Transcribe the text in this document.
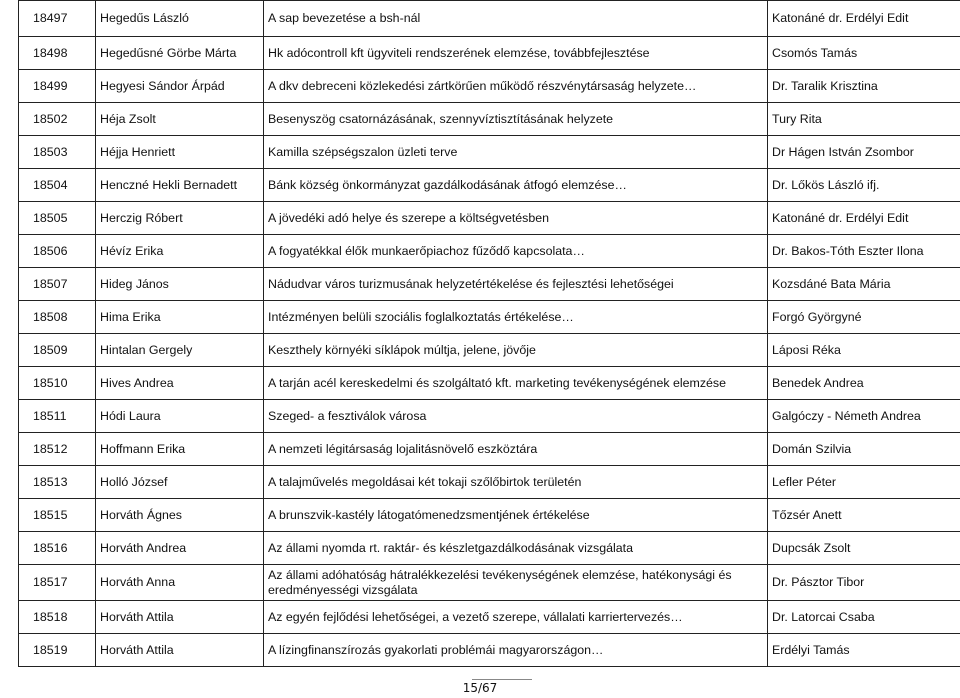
18497	Hegedűs László	A sap bevezetése a bsh-nál	Katonáné dr. Erdélyi Edit
18498	Hegedűsné Görbe Márta	Hk adócontroll kft ügyviteli rendszerének elemzése, továbbfejlesztése	Csomós Tamás
18499	Hegyesi Sándor Árpád	A dkv debreceni közlekedési zártkörűen működő részvénytársaság helyzete…	Dr. Taralik Krisztina
18502	Héja Zsolt	Besenyszög csatornázásának, szennyvíztisztításának helyzete	Tury Rita
18503	Héjja Henriett	Kamilla szépségszalon üzleti terve	Dr Hágen István Zsombor
18504	Henczné Hekli Bernadett	Bánk község önkormányzat gazdálkodásának átfogó elemzése…	Dr. Lőkös László ifj.
18505	Herczig Róbert	A jövedéki adó helye és szerepe a költségvetésben	Katonáné dr. Erdélyi Edit
18506	Hévíz Erika	A fogyatékkal élők munkaerőpiachoz fűződő kapcsolata…	Dr. Bakos-Tóth Eszter Ilona
18507	Hideg János	Nádudvar város turizmusának helyzetértékelése és fejlesztési lehetőségei	Kozsdáné Bata Mária
18508	Hima Erika	Intézményen belüli szociális foglalkoztatás értékelése…	Forgó Györgyné
18509	Hintalan Gergely	Keszthely környéki síklápok múltja, jelene, jövője	Láposi Réka
18510	Hives Andrea	A tarján acél kereskedelmi és szolgáltató kft. marketing tevékenységének elemzése	Benedek Andrea
18511	Hódi Laura	Szeged- a fesztiválok városa	Galgóczy - Németh Andrea
18512	Hoffmann Erika	A nemzeti légitársaság lojalitásnövelő eszköztára	Domán Szilvia
18513	Holló József	A talajművelés megoldásai két tokaji szőlőbirtok területén	Lefler Péter
18515	Horváth Ágnes	A brunszvik-kastély látogatómenedzsmentjének értékelése	Tőzsér Anett
18516	Horváth Andrea	Az állami nyomda rt. raktár- és készletgazdálkodásának vizsgálata	Dupcsák Zsolt
18517	Horváth Anna	Az állami adóhatóság hátralékkezelési tevékenységének elemzése, hatékonysági és eredményességi vizsgálata	Dr. Pásztor Tibor
18518	Horváth Attila	Az egyén fejlődési lehetőségei, a vezető szerepe, vállalati karriertervezés…	Dr. Latorcai Csaba
18519	Horváth Attila	A lízingfinanszírozás gyakorlati problémái magyarországon…	Erdélyi Tamás
15/67
